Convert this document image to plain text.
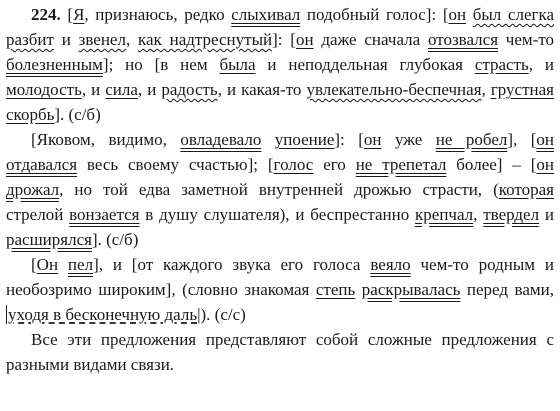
224. [Я, признаюсь, редко слыхивал подобный голос]: [он был слегка разбит и звенел, как надтреснутый]: [он даже сначала отозвался чем-то болезненным]; но [в нем была и неподдельная глубокая страсть, и молодость, и сила, и радость, и какая-то увлекательно-беспечная, грустная скорбь]. (с/б)

[Яковом, видимо, овладевало упоение]: [он уже не робел], [он отдавался весь своему счастью]; [голос его не трепетал более] – [он дрожал, но той едва заметной внутренней дрожью страсти, (которая стрелой вонзается в душу слушателя), и беспрестанно крепчал, твердел и расширялся]. (с/б)

[Он пел], и [от каждого звука его голоса веяло чем-то родным и необозримо широким], (словно знакомая степь раскрывалась перед вами, уходя в бесконечную даль|). (с/с)

Все эти предложения представляют собой сложные предложения с разными видами связи.
